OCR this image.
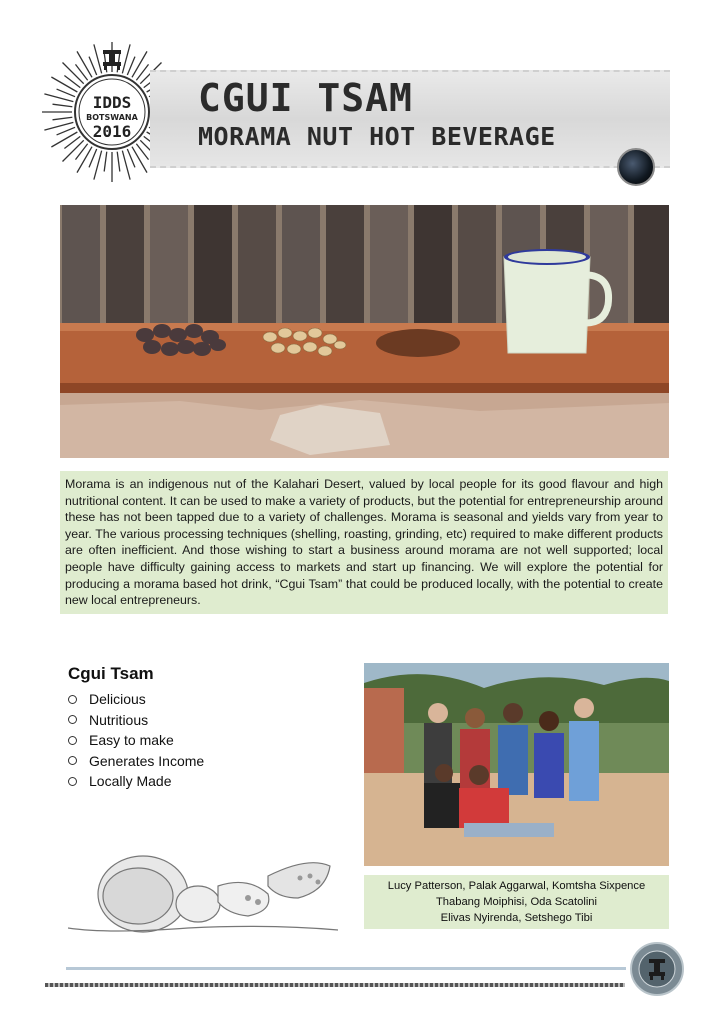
IDDS
BOTSWANA
2016
CGUI TSAM
MORAMA NUT HOT BEVERAGE
Morama is an indigenous nut of the Kalahari Desert, valued by local people for its good flavour and high nutritional content. It can be used to make a variety of products, but the potential for entrepreneurship around these has not been tapped due to a variety of challenges. Morama is seasonal and yields vary from year to year. The various processing techniques (shelling, roasting, grinding, etc) required to make different products are often inefficient. And those wishing to start a business around morama are not well supported; local people have difficulty gaining access to markets and start up financing. We will explore the potential for producing a morama based hot drink, “Cgui Tsam” that could be produced locally, with the potential to create new local entrepreneurs.
Cgui Tsam
Delicious
Nutritious
Easy to make
Generates Income
Locally Made
Lucy Patterson, Palak Aggarwal, Komtsha Sixpence
Thabang Moiphisi, Oda Scatolini
Elivas Nyirenda, Setshego Tibi
